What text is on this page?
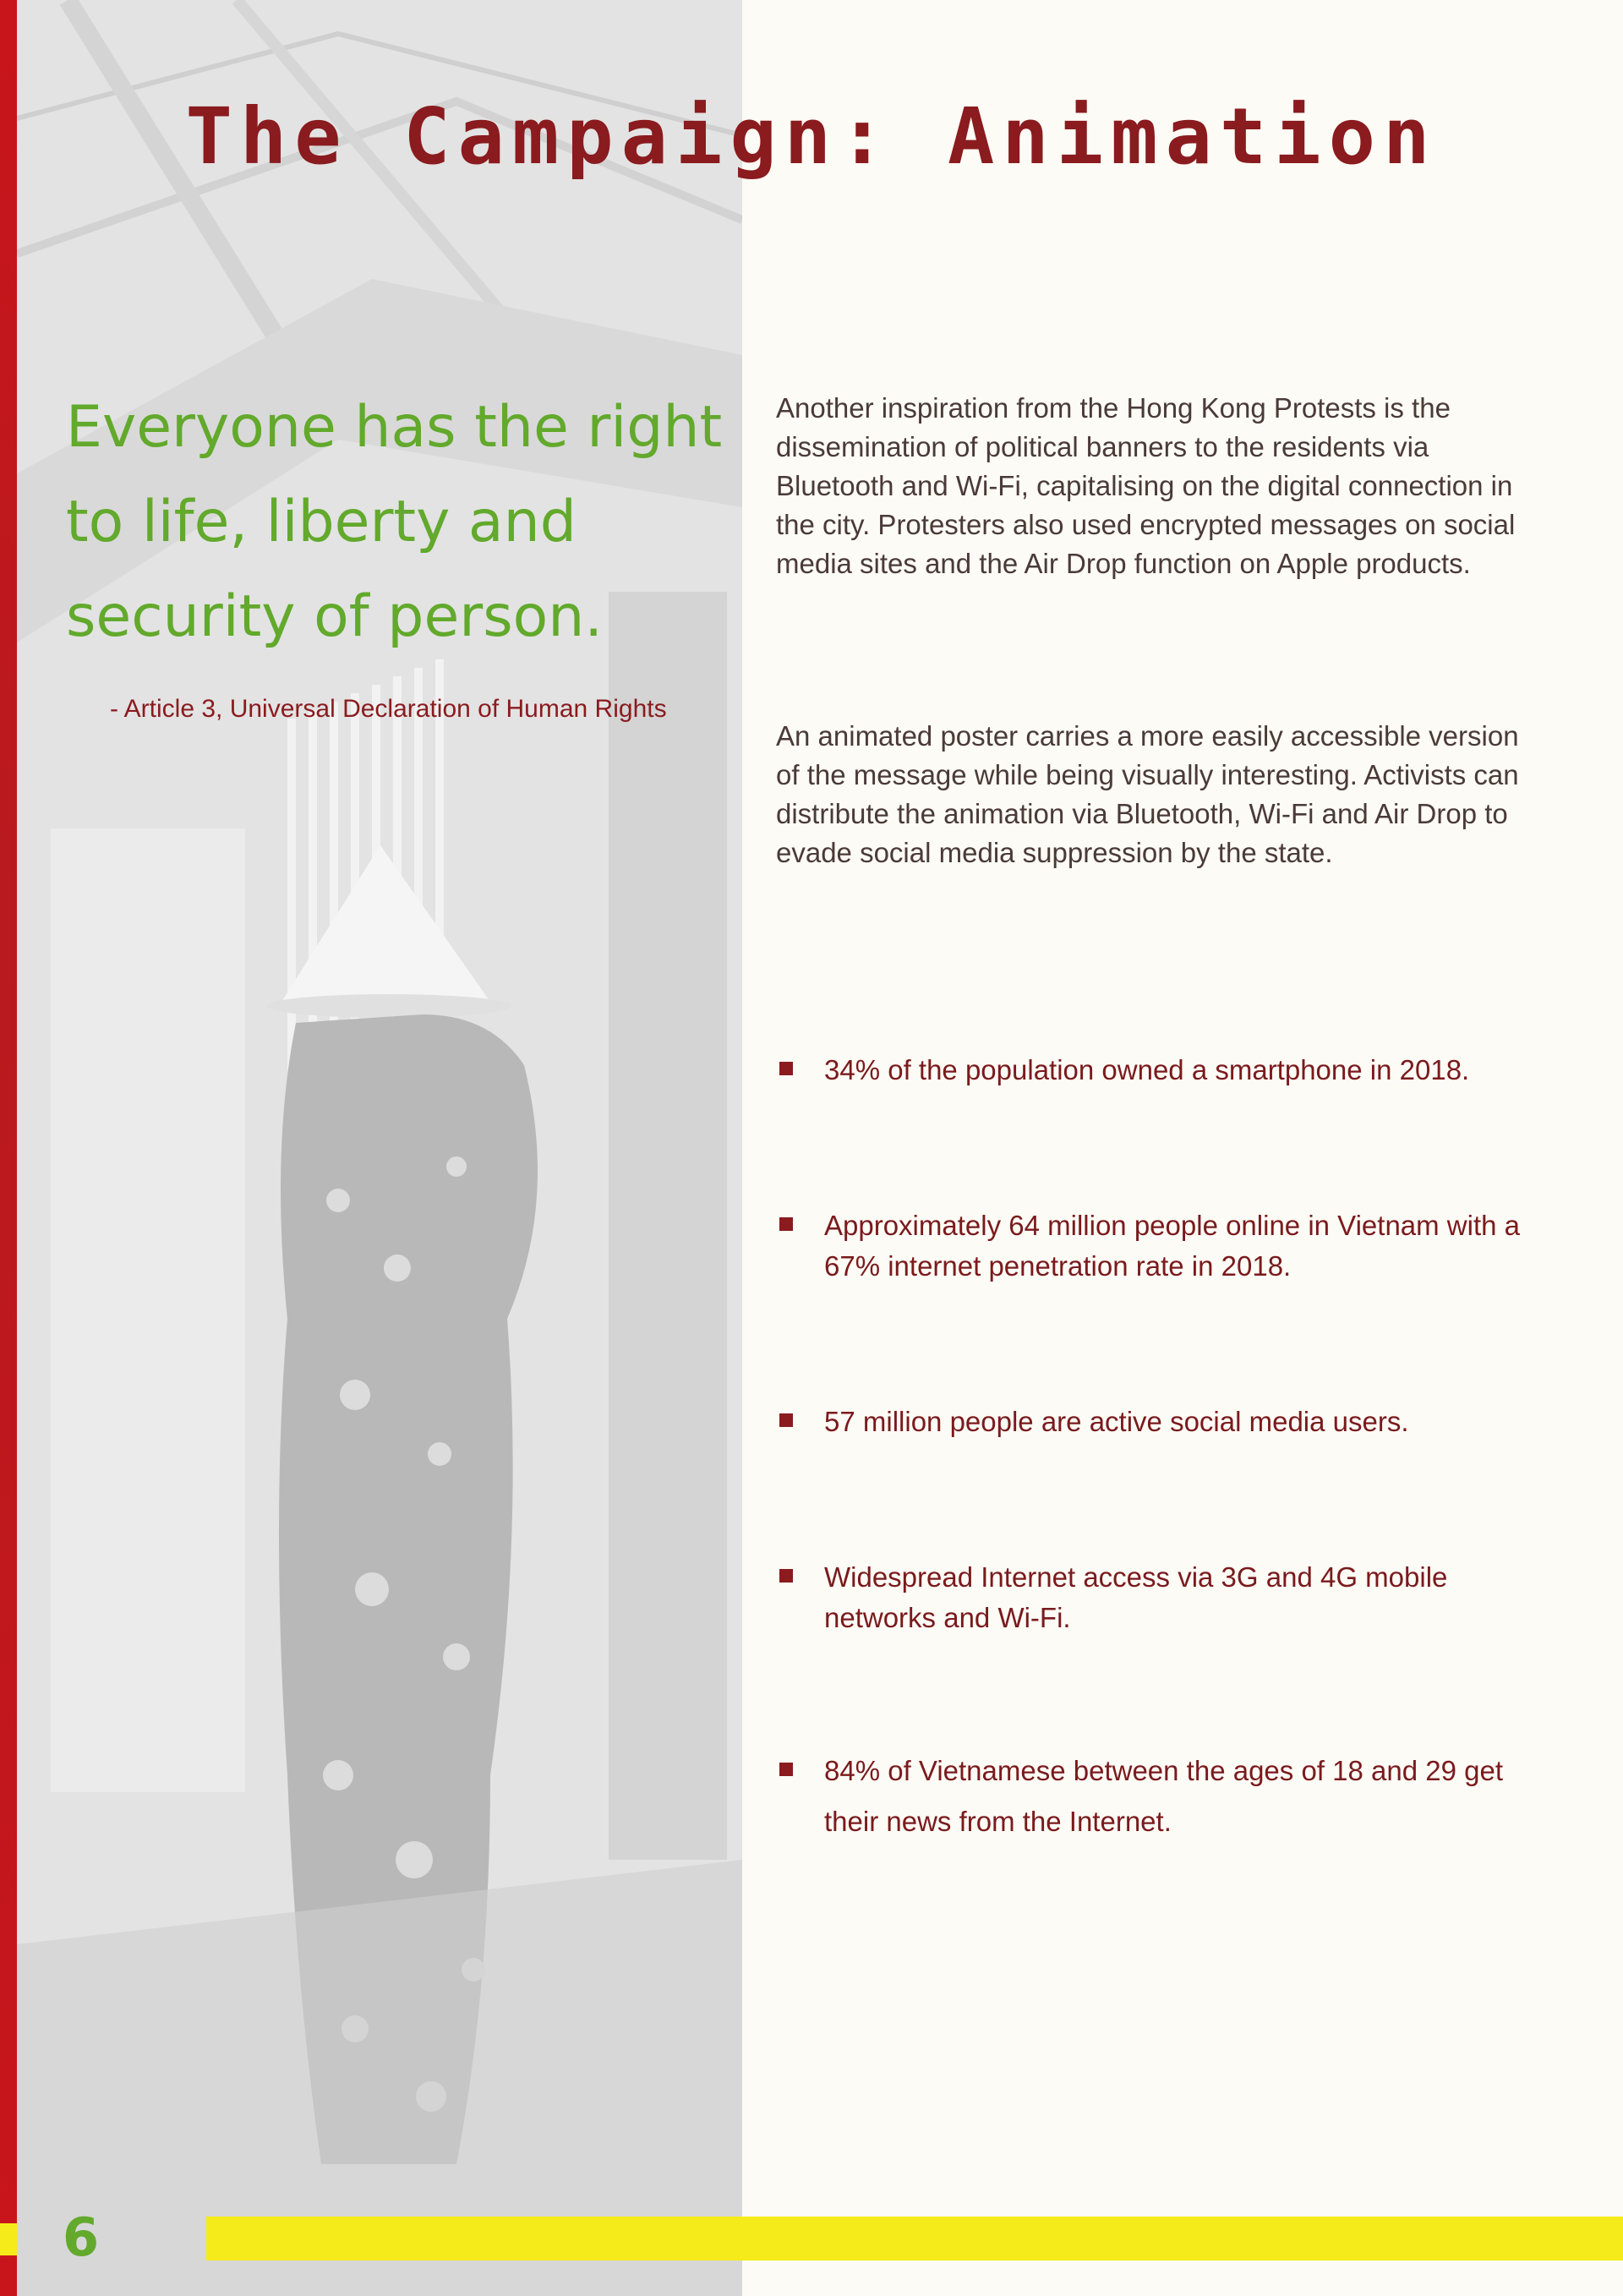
The Campaign: Animation
Everyone has the right
to life, liberty and
security of person.
- Article 3, Universal Declaration of Human Rights
Another inspiration from the Hong Kong Protests is the dissemination of political banners to the residents via Bluetooth and Wi-Fi, capitalising on the digital connection in the city. Protesters also used encrypted messages on social media sites and the Air Drop function on Apple products.
An animated poster carries a more easily accessible version of the message while being visually interesting. Activists can distribute the animation via Bluetooth, Wi-Fi and Air Drop to evade social media suppression by the state.
34% of the population owned a smartphone in 2018.
Approximately 64 million people online in Vietnam with a 67% internet penetration rate in 2018.
57 million people are active social media users.
Widespread Internet access via 3G and 4G mobile networks and Wi-Fi.
84% of Vietnamese between the ages of 18 and 29 get their news from the Internet.
6
